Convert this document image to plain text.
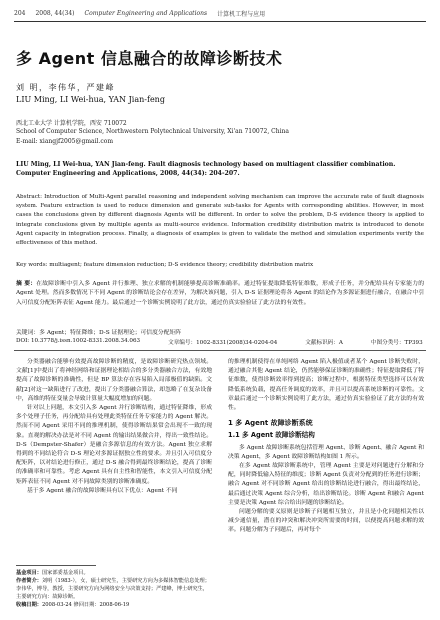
204 2008, 44(34) Computer Engineering and Applications 计算机工程与应用
多 Agent 信息融合的故障诊断技术
刘 明，李伟华，严建峰
LIU Ming, LI Wei-hua, YAN Jian-feng
西北工业大学 计算机学院，西安 710072
School of Computer Science, Northwestern Polytechnical University, Xi'an 710072, China
E-mail: xiangjf2005@gmail.com
LIU Ming, LI Wei-hua, YAN Jian-feng. Fault diagnosis technology based on multiagent classifier combination. Computer Engineering and Applications, 2008, 44(34): 204-207.
Abstract: Introduction of Multi-Agent parallel reasoning and independent solving mechanism can improve the accurate rate of fault diagnosis system. Feature extraction is used to reduce dimension and generate sub-tasks for Agents with corresponding abilities. However, in most cases the conclusions given by different diagnosis Agents will be different. In order to solve the problem, D-S evidence theory is applied to integrate conclusions given by multiple agents as multi-source evidence. Information credibility distribution matrix is introduced to denote Agent capacity in integration process. Finally, a diagnosis of examples is given to validate the method and simulation experiments verify the effectiveness of this method.
Key words: multiagent; feature dimension reduction; D-S evidence theory; credibility distribution matrix
摘 要：在故障诊断中引入多 Agent 并行推理、独立求解的机制能够提高诊断准确率。通过特征提取降低特征维数，形成子任务，并分配给具有专家能力的 Agent 处理。然而多数情况下不同 Agent 的诊断结论会存在差异，为解决该问题，引入 D-S 证据理论将各 Agent 的结论作为多源证据进行融合，在融合中引入可信度分配矩阵表征 Agent 能力。最后通过一个诊断实例说明了此方法，通过仿真实验验证了此方法的有效性。
关键词：多 Agent；特征降维；D-S 证据理论；可信度分配矩阵
DOI: 10.3778/j.issn.1002-8331.2008.34.063	文章编号：1002-8331(2008)34-0204-04	文献标识码：A	中图分类号：TP393

分类器融合能够有效提高故障诊断的精度，是故障诊断研究热点领域。文献[1]中提出了将神经网络和证据理论相结合的多分类器融合方法，有效地提高了故障诊断的准确性，但是 BP 算法存在容易陷入局部极值的缺陷。文献[2]对这一缺陷进行了改进，提出了分类器融合算法，却忽略了在复杂设备中，高维的特征变量会导致计算量大幅度增加的问题。

针对以上问题，本文引入多 Agent 并行诊断结构，通过特征降维，形成多个处理子任务，再分配给具有处理此类特征任务专家能力的 Agent 解决。然而不同 Agent 采用不同的推理机制，使得诊断结果常会出现不一致的现象。直观的解决办法是对不同 Agent 的输出结果做合并，得出一致性结论。D-S（Dempster-Shafer）是融合多源信息的有效方法。Agent 独立求解得到的不同结论符合 D-S 理论对多源证据独立性的要求。并且引入可信度分配矩阵，以对结论进行修正，通过 D-S 融合得到最终诊断结论，提高了诊断的准确率和可靠性。考虑 Agent 具有自主性和智能性，本文引入可信度分配矩阵表征不同 Agent 对不同故障类别的诊断准确度。

基于多 Agent 融合的故障诊断具有以下优点：Agent 不同

的推理机制使得在单纯网络 Agent 陷入极值或者某个 Agent 诊断失败时，通过融合其他 Agent 结论，仍然能够保证诊断的准确性；特征提取降低了特征维数，使得诊断效率得到提高；诊断过程中，根据特征类型选择可以有效降低系统负载，提高任务调度的效率，并且可以提高系统诊断的可靠性。文章最后通过一个诊断实例说明了此方法，通过仿真实验验证了此方法的有效性。

1 多 Agent 故障诊断系统
1.1 多 Agent 故障诊断结构

多 Agent 故障诊断系统包括管理 Agent、诊断 Agent、融合 Agent 和决策 Agent，多 Agent 故障诊断结构如图 1 所示。

在多 Agent 故障诊断系统中，管理 Agent 主要是对问题进行分解和分配，同时降低输入特征的维度；诊断 Agent 负责对分配到的任务进行诊断；融合 Agent 对不同诊断 Agent 给出的诊断结论进行融合，得出最终结论，最后通过决策 Agent 综合分析，给出诊断结论。诊断 Agent 和融合 Agent 主要是决策 Agent 综合给出问题的诊断结论。

问题分解的要义原则是诊断子问题相互独立，并且是小化问题相关性以减少通信量，潜在的冲突和解决冲突所需要的时间，以便提高问题求解的效率。问题分解为子问题后，再对每个

基金项目：国家部委基金项目。
作者简介：刘明（1983-），女，硕士研究生，主要研究方向为多媒体智能信息处理；李伟华，博导，教授，主要研究方向为网络安全与决策支持；严建峰，博士研究生，主要研究方向：故障诊断。
收稿日期：2008-03-24 修回日期：2008-06-19
